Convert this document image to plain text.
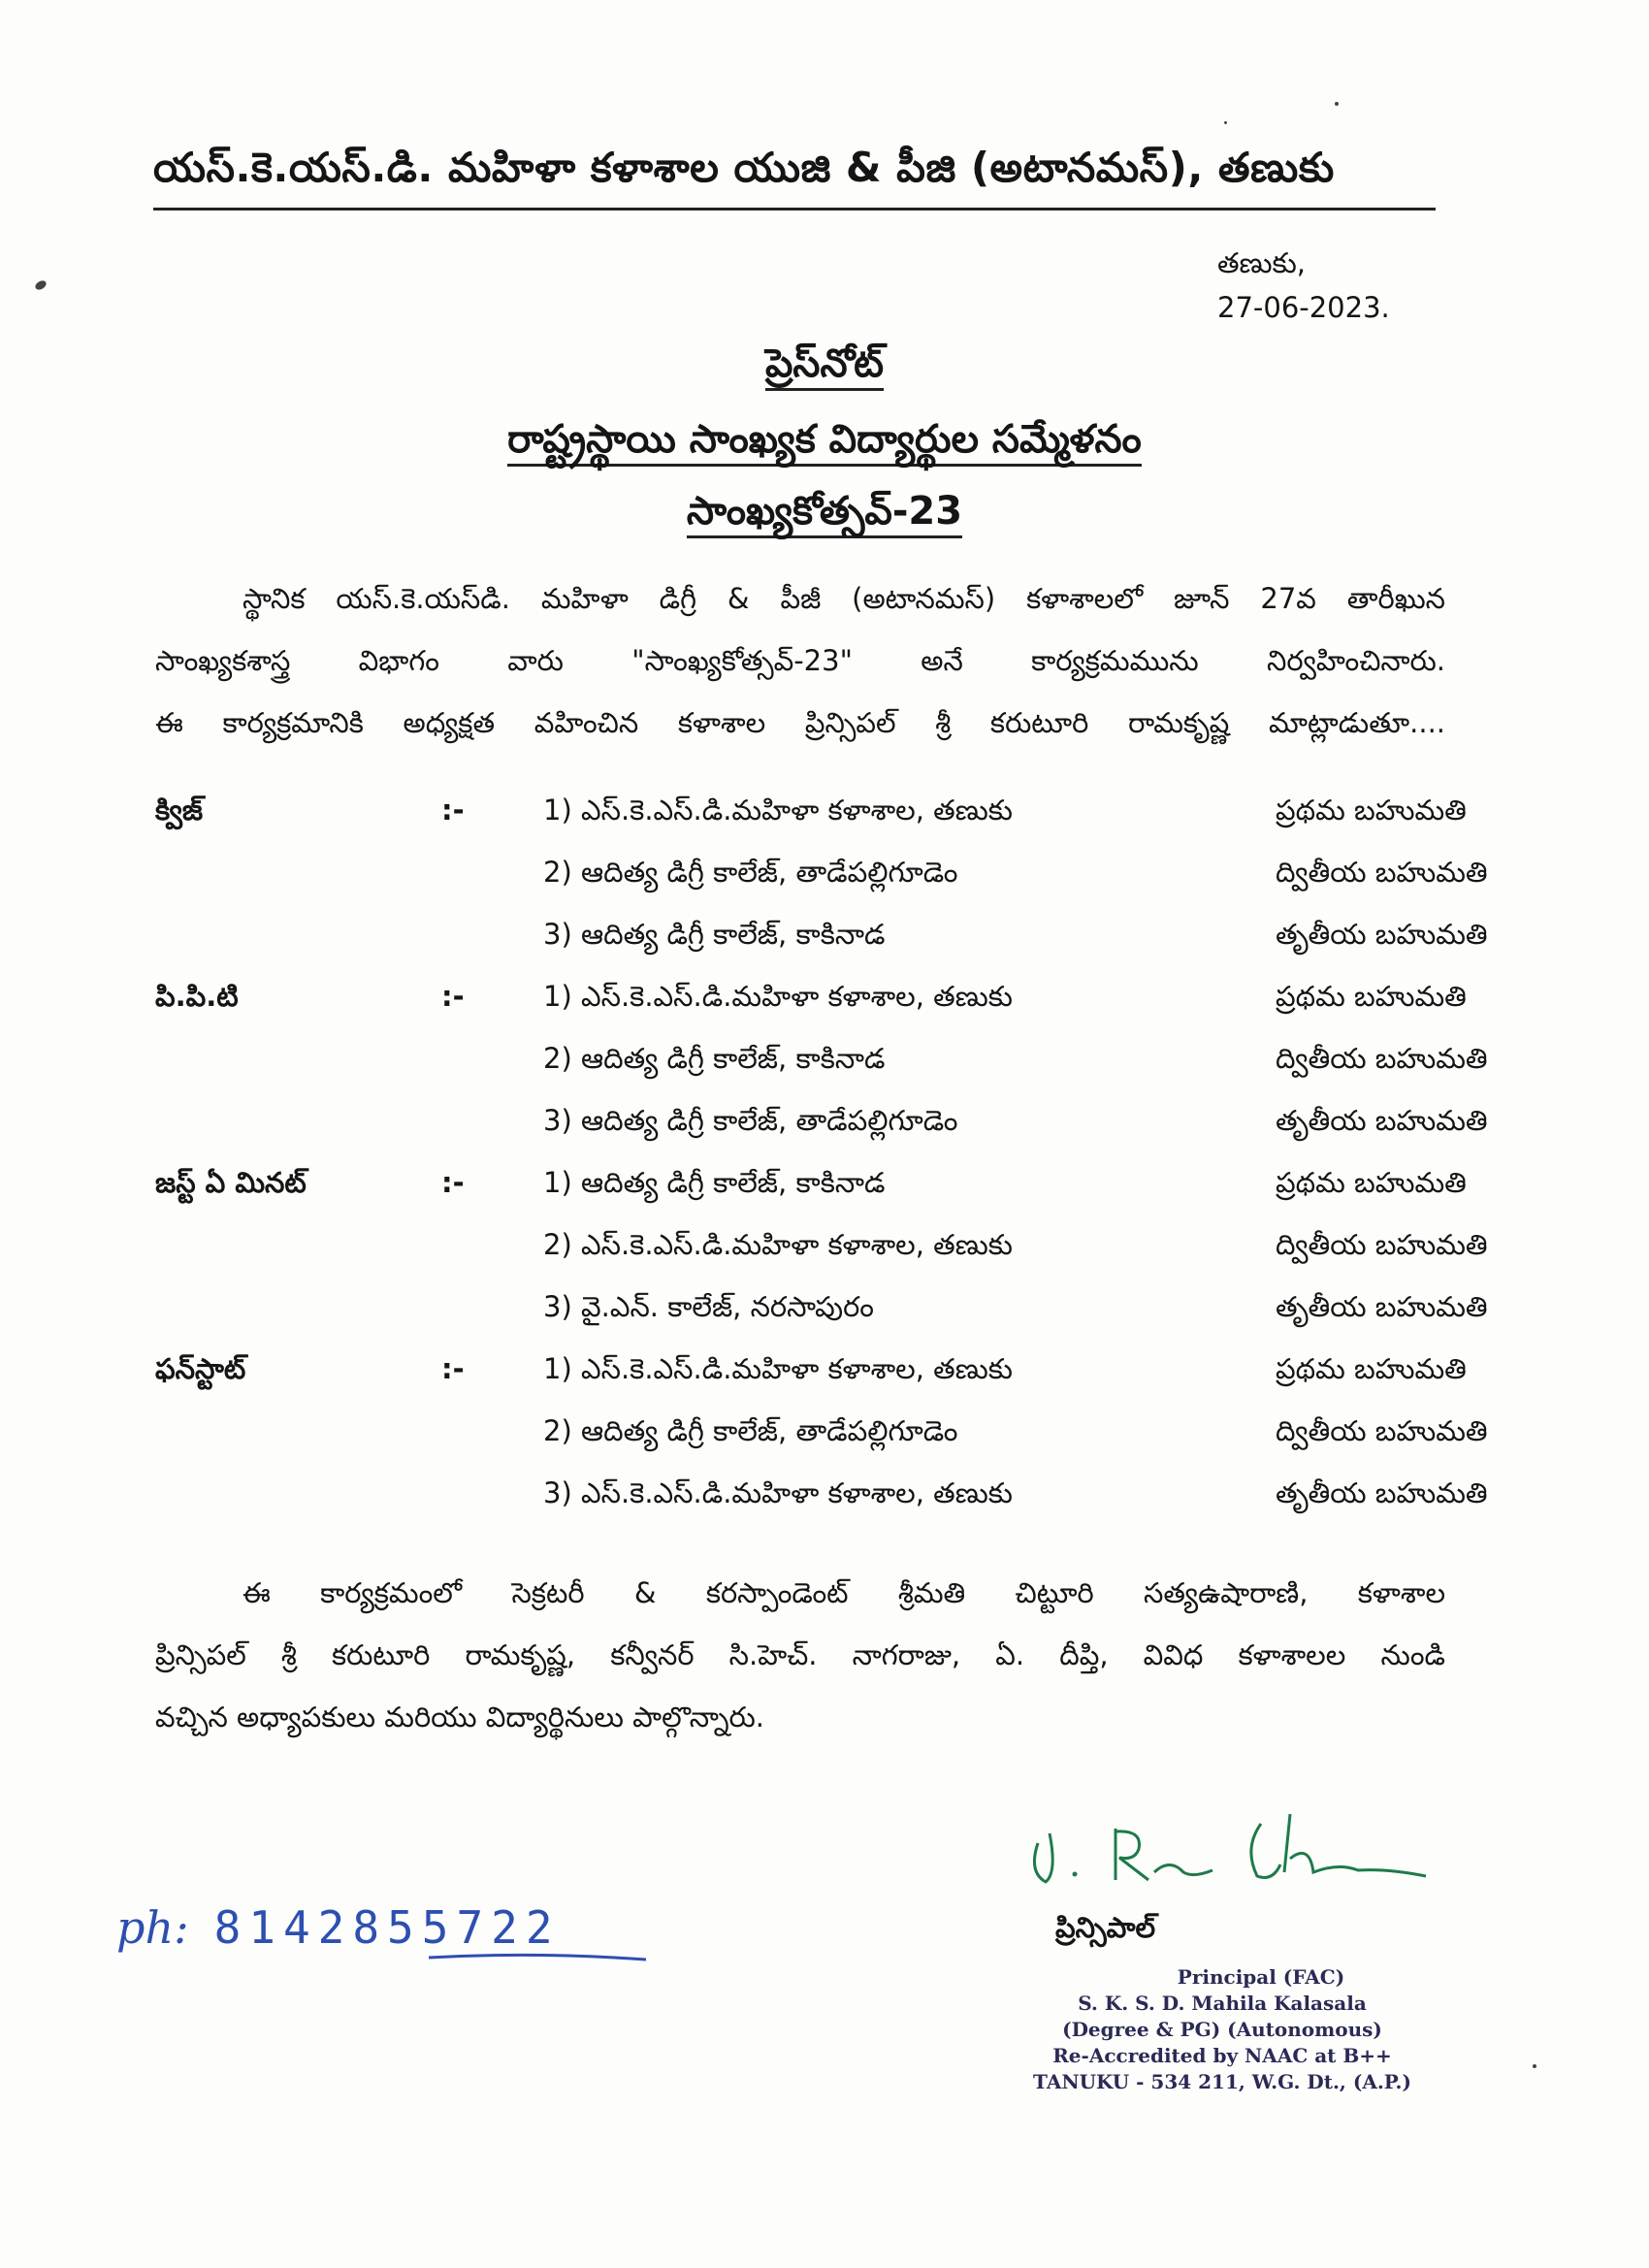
యస్.కె.యస్.డి. మహిళా కళాశాల యుజి & పీజి (అటానమస్), తణుకు
తణుకు,
27-06-2023.
ప్రెస్‌నోట్
రాష్ట్రస్థాయి సాంఖ్యక విద్యార్థుల సమ్మేళనం
సాంఖ్యకోత్సవ్-23
స్థానిక యస్.కె.యస్‌డి. మహిళా డిగ్రీ & పీజీ (అటానమస్) కళాశాలలో జూన్ 27వ తారీఖున
సాంఖ్యకశాస్త్ర విభాగం వారు "సాంఖ్యకోత్సవ్-23" అనే కార్యక్రమమును నిర్వహించినారు.
ఈ కార్యక్రమానికి అధ్యక్షత వహించిన కళాశాల ప్రిన్సిపల్ శ్రీ కరుటూరి రామకృష్ణ మాట్లాడుతూ....
క్విజ్	:-	1) ఎస్.కె.ఎస్.డి.మహిళా కళాశాల, తణుకు	ప్రథమ బహుమతి
2) ఆదిత్య డిగ్రీ కాలేజ్, తాడేపల్లిగూడెం	ద్వితీయ బహుమతి
3) ఆదిత్య డిగ్రీ కాలేజ్, కాకినాడ	తృతీయ బహుమతి
పి.పి.టి	:-	1) ఎస్.కె.ఎస్.డి.మహిళా కళాశాల, తణుకు	ప్రథమ బహుమతి
2) ఆదిత్య డిగ్రీ కాలేజ్, కాకినాడ	ద్వితీయ బహుమతి
3) ఆదిత్య డిగ్రీ కాలేజ్, తాడేపల్లిగూడెం	తృతీయ బహుమతి
జస్ట్ ఏ మినట్	:-	1) ఆదిత్య డిగ్రీ కాలేజ్, కాకినాడ	ప్రథమ బహుమతి
2) ఎస్.కె.ఎస్.డి.మహిళా కళాశాల, తణుకు	ద్వితీయ బహుమతి
3) వై.ఎన్. కాలేజ్, నరసాపురం	తృతీయ బహుమతి
ఫన్‌స్టాట్	:-	1) ఎస్.కె.ఎస్.డి.మహిళా కళాశాల, తణుకు	ప్రథమ బహుమతి
2) ఆదిత్య డిగ్రీ కాలేజ్, తాడేపల్లిగూడెం	ద్వితీయ బహుమతి
3) ఎస్.కె.ఎస్.డి.మహిళా కళాశాల, తణుకు	తృతీయ బహుమతి
ఈ కార్యక్రమంలో సెక్రటరీ & కరస్పాండెంట్ శ్రీమతి చిట్టూరి సత్యఉషారాణి, కళాశాల
ప్రిన్సిపల్ శ్రీ కరుటూరి రామకృష్ణ, కన్వీనర్ సి.హెచ్. నాగరాజు, ఏ. దీప్తి, వివిధ కళాశాలల నుండి
వచ్చిన అధ్యాపకులు మరియు విద్యార్థినులు పాల్గొన్నారు.
ph: 8142855722	ప్రిన్సిపాల్
Principal (FAC)
S. K. S. D. Mahila Kalasala
(Degree & PG) (Autonomous)
Re-Accredited by NAAC at B++
TANUKU - 534 211, W.G. Dt., (A.P.)
